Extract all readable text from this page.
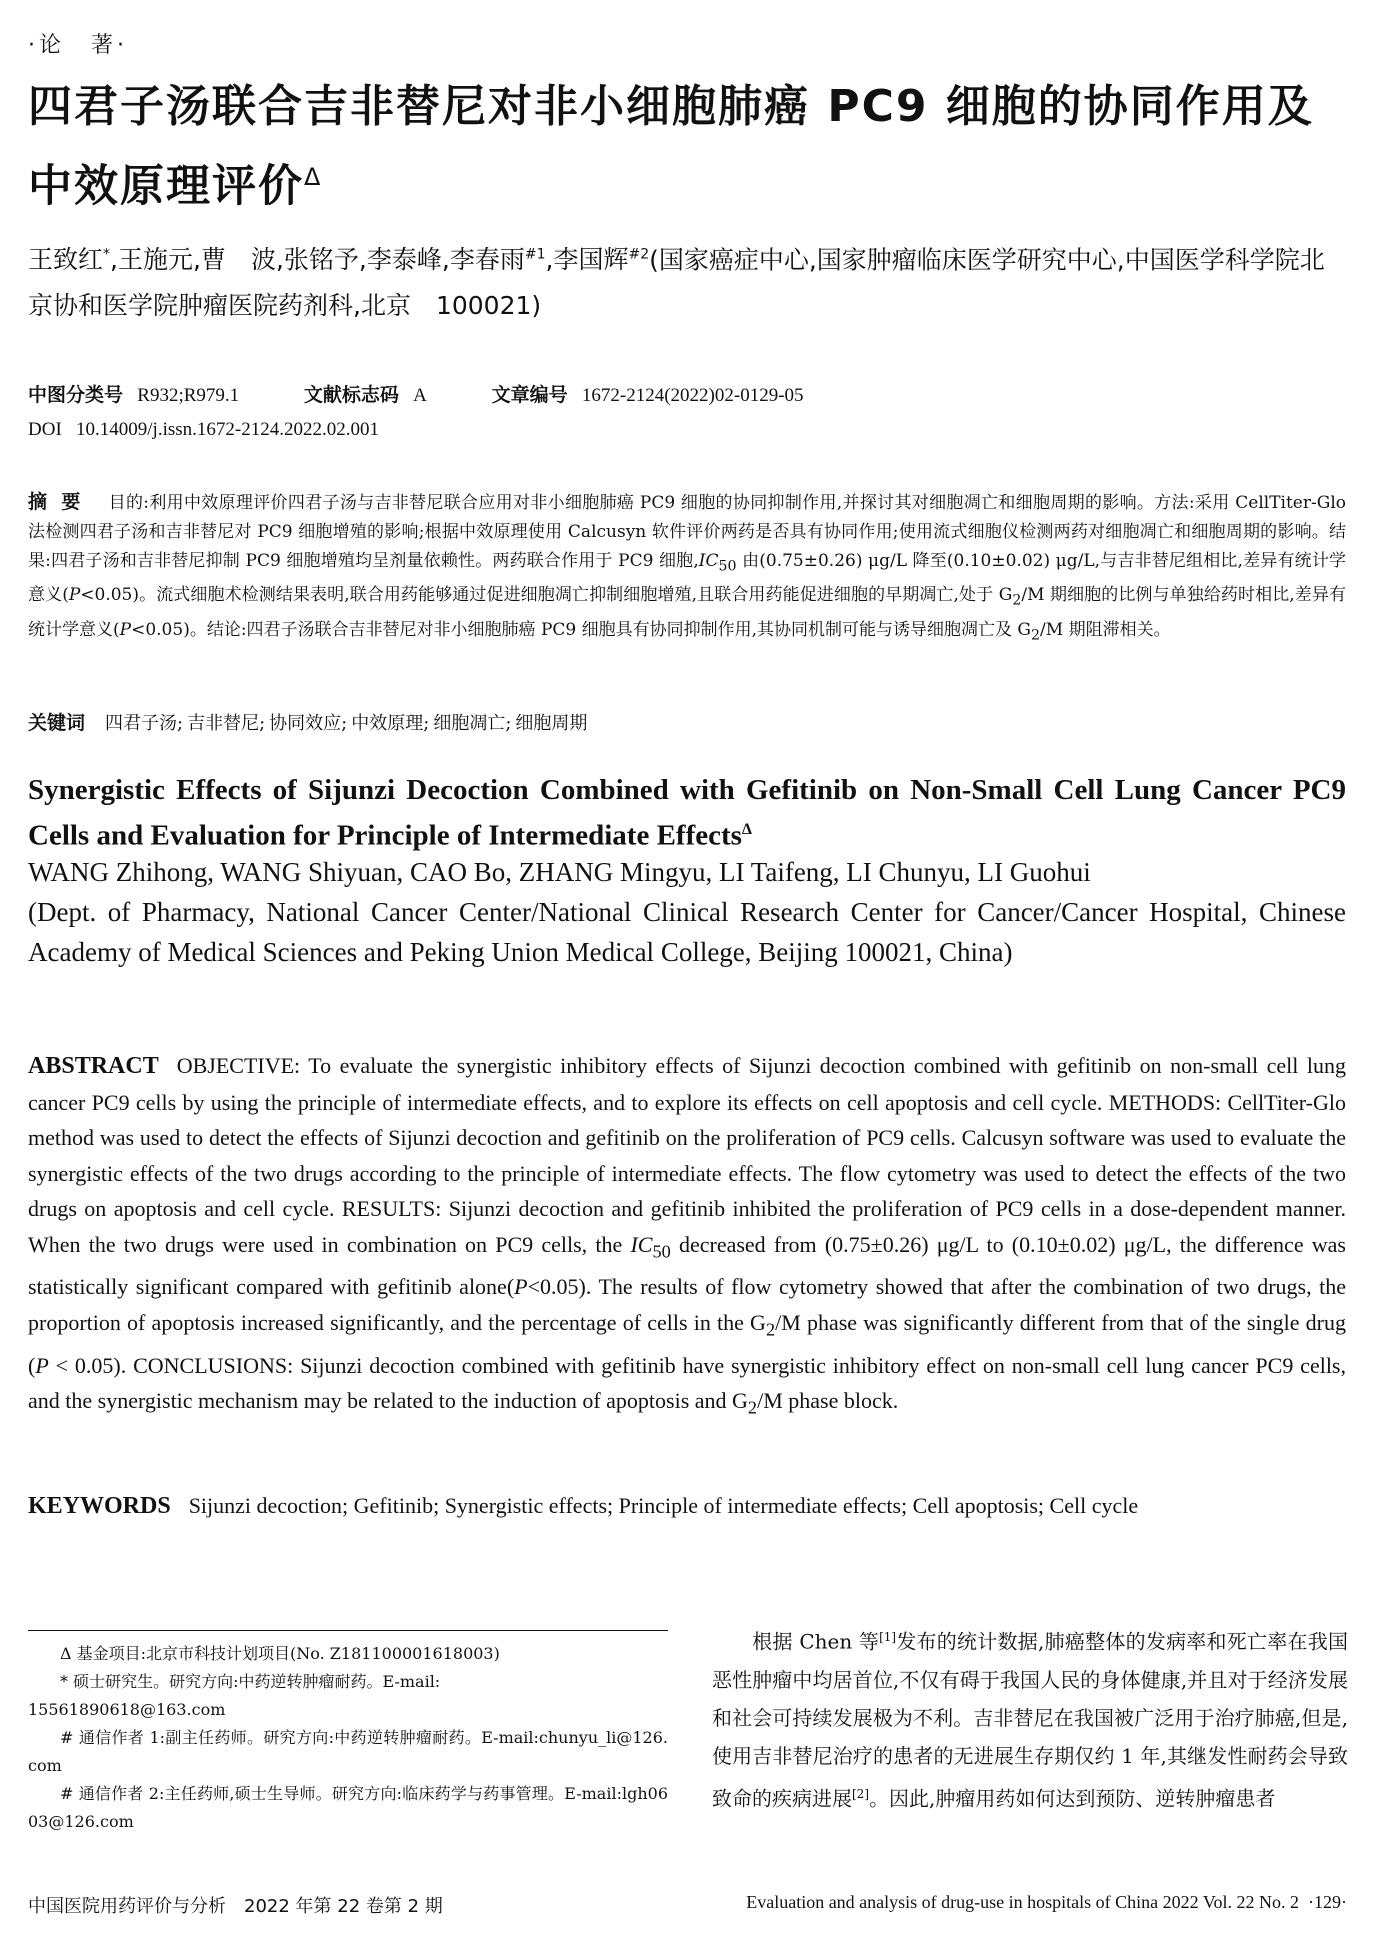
·论　著·
四君子汤联合吉非替尼对非小细胞肺癌 PC9 细胞的协同作用及中效原理评价$^\Delta$
王致红*,王施元,曹　波,张铭予,李泰峰,李春雨$^{\#1}$,李国辉$^{\#2}$(国家癌症中心,国家肿瘤临床医学研究中心,中国医学科学院北京协和医学院肿瘤医院药剂科,北京　100021)
中图分类号 R932;R979.1	文献标志码 A	文章编号 1672-2124(2022)02-0129-05
DOI 10.14009/j.issn.1672-2124.2022.02.001
摘要 目的:利用中效原理评价四君子汤与吉非替尼联合应用对非小细胞肺癌 PC9 细胞的协同抑制作用,并探讨其对细胞凋亡和细胞周期的影响。方法:采用 CellTiter-Glo 法检测四君子汤和吉非替尼对 PC9 细胞增殖的影响;根据中效原理使用 Calcusyn 软件评价两药是否具有协同作用;使用流式细胞仪检测两药对细胞凋亡和细胞周期的影响。结果:四君子汤和吉非替尼抑制 PC9 细胞增殖均呈剂量依赖性。两药联合作用于 PC9 细胞$,IC_{50}$ 由(0.75±0.26) μg/L 降至(0.10±0.02) μg/L,与吉非替尼组相比,差异有统计学意义(P<0.05)。流式细胞术检测结果表明,联合用药能够通过促进细胞凋亡抑制细胞增殖,且联合用药能促进细胞的早期凋亡,处于 $G_2/M$ 期细胞的比例与单独给药时相比,差异有统计学意义(P<0.05)。结论:四君子汤联合吉非替尼对非小细胞肺癌 PC9 细胞具有协同抑制作用,其协同机制可能与诱导细胞凋亡及 $G_2/M$ 期阻滞相关。
关键词 四君子汤; 吉非替尼; 协同效应; 中效原理; 细胞凋亡; 细胞周期
Synergistic Effects of Sijunzi Decoction Combined with Gefitinib on Non-Small Cell Lung Cancer PC9 Cells and Evaluation for Principle of Intermediate Effects$^\Delta$
WANG Zhihong, WANG Shiyuan, CAO Bo, ZHANG Mingyu, LI Taifeng, LI Chunyu, LI Guohui
(Dept. of Pharmacy, National Cancer Center/National Clinical Research Center for Cancer/Cancer Hospital, Chinese Academy of Medical Sciences and Peking Union Medical College, Beijing 100021, China)
ABSTRACT OBJECTIVE: To evaluate the synergistic inhibitory effects of Sijunzi decoction combined with gefitinib on non-small cell lung cancer PC9 cells by using the principle of intermediate effects, and to explore its effects on cell apoptosis and cell cycle. METHODS: CellTiter-Glo method was used to detect the effects of Sijunzi decoction and gefitinib on the proliferation of PC9 cells. Calcusyn software was used to evaluate the synergistic effects of the two drugs according to the principle of intermediate effects. The flow cytometry was used to detect the effects of the two drugs on apoptosis and cell cycle. RESULTS: Sijunzi decoction and gefitinib inhibited the proliferation of PC9 cells in a dose-dependent manner. When the two drugs were used in combination on PC9 cells, the $IC_{50}$ decreased from (0.75±0.26) μg/L to (0.10±0.02) μg/L, the difference was statistically significant compared with gefitinib alone(P<0.05). The results of flow cytometry showed that after the combination of two drugs, the proportion of apoptosis increased significantly, and the percentage of cells in the $G_2/M$ phase was significantly different from that of the single drug (P < 0.05). CONCLUSIONS: Sijunzi decoction combined with gefitinib have synergistic inhibitory effect on non-small cell lung cancer PC9 cells, and the synergistic mechanism may be related to the induction of apoptosis and $G_2/M$ phase block.
KEYWORDS Sijunzi decoction; Gefitinib; Synergistic effects; Principle of intermediate effects; Cell apoptosis; Cell cycle

Δ 基金项目:北京市科技计划项目(No. Z181100001618003)

* 硕士研究生。研究方向:中药逆转肿瘤耐药。E-mail:

15561890618@163.com

# 通信作者 1:副主任药师。研究方向:中药逆转肿瘤耐药。E-mail:chunyu_li@126.com

# 通信作者 2:主任药师,硕士生导师。研究方向:临床药学与药事管理。E-mail:lgh0603@126.com

  根据 Chen 等[1]发布的统计数据,肺癌整体的发病率和死亡率在我国恶性肿瘤中均居首位,不仅有碍于我国人民的身体健康,并且对于经济发展和社会可持续发展极为不利。吉非替尼在我国被广泛用于治疗肺癌,但是,使用吉非替尼治疗的患者的无进展生存期仅约 1 年,其继发性耐药会导致致命的疾病进展[2]。因此,肿瘤用药如何达到预防、逆转肿瘤患者
中国医院用药评价与分析　2022 年第 22 卷第 2 期	Evaluation and analysis of drug-use in hospitals of China 2022 Vol. 22 No. 2 ·129·
